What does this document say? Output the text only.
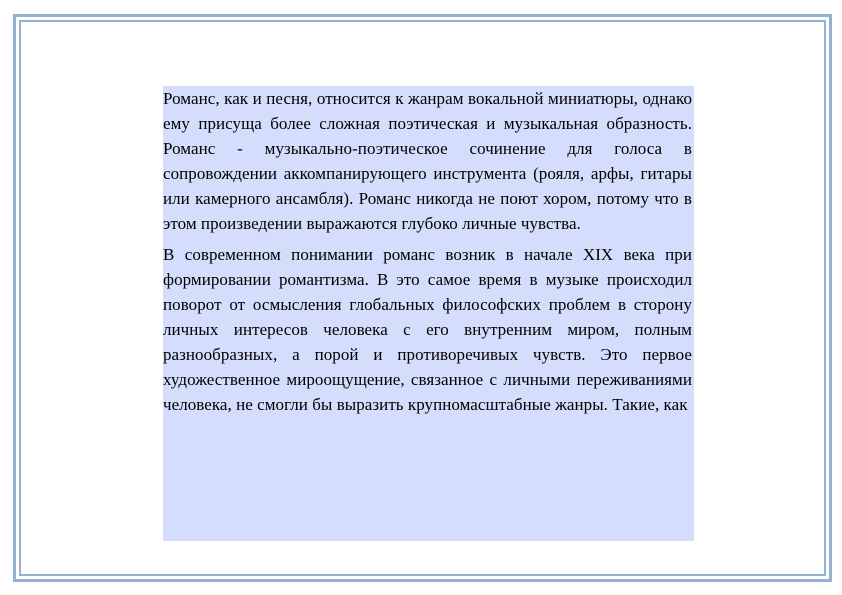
Романс, как и песня, относится к жанрам вокальной миниатюры, однако ему присуща более сложная поэтическая и музыкальная образность. Романс - музыкально-поэтическое сочинение для голоса в сопровождении аккомпанирующего инструмента (рояля, арфы, гитары или камерного ансамбля). Романс никогда не поют хором, потому что в этом произведении выражаются глубоко личные чувства.

В современном понимании романс возник в начале XIX века при формировании романтизма. В это самое время в музыке происходил поворот от осмысления глобальных философских проблем в сторону личных интересов человека с его внутренним миром, полным разнообразных, а порой и противоречивых чувств. Это первое художественное мироощущение, связанное с личными переживаниями человека, не смогли бы выразить крупномасштабные жанры. Такие, как
